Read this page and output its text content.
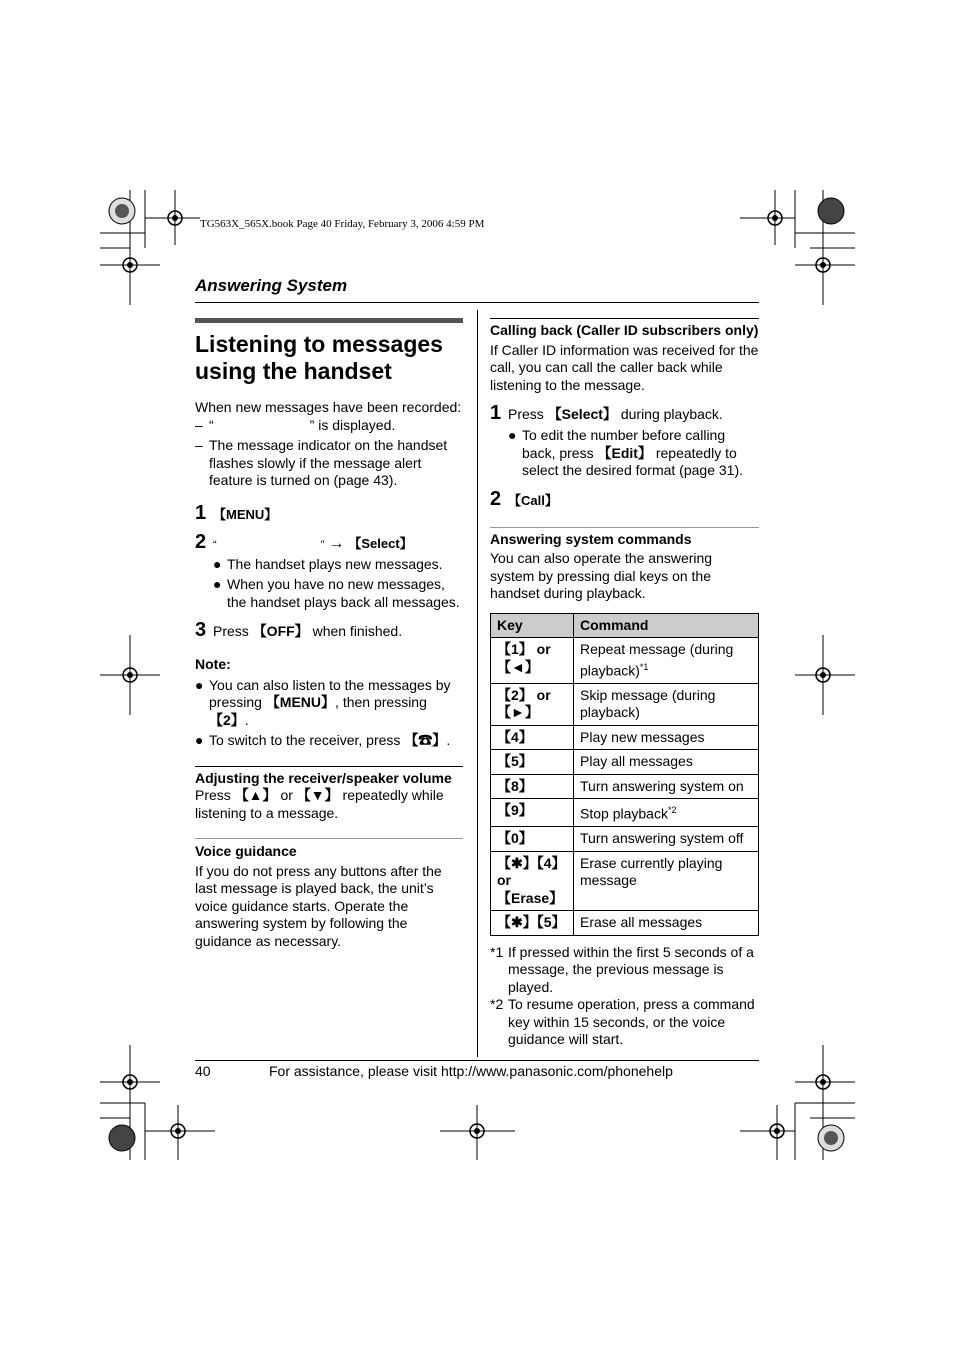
TG563X_565X.book Page 40 Friday, February 3, 2006 4:59 PM
Answering System
Listening to messages using the handset

When new messages have been recorded:

– “	” is displayed.
– The message indicator on the handset flashes slowly if the message alert feature is turned on (page 43).
1 【MENU】
2 “	” → 【Select】
● The handset plays new messages.
● When you have no new messages, the handset plays back all messages.
3 Press
【OFF】
when finished.
Note:
● You can also listen to the messages by pressing 【MENU】, then pressing 【2】.
● To switch to the receiver, press 【☎】.
Adjusting the receiver/speaker volume

Press 【▲】 or 【▼】 repeatedly while listening to a message.

Voice guidance

If you do not press any buttons after the last message is played back, the unit’s voice guidance starts. Operate the answering system by following the guidance as necessary.

Calling back (Caller ID subscribers only)

If Caller ID information was received for the call, you can call the caller back while listening to the message.

1 Press
【Select】
during playback.
● To edit the number before calling back, press 【Edit】 repeatedly to select the desired format (page 31).
2 【Call】
Answering system commands

You can also operate the answering system by pressing dial keys on the handset during playback.

Key	Command
【1】 or 【◄】	Repeat message (during playback)$^{*1}$
【2】 or 【►】	Skip message (during playback)
【4】	Play new messages
【5】	Play all messages
【8】	Turn answering system on
【9】	Stop playback$^{*2}$
【0】	Turn answering system off
【✱】【4】 or 【Erase】	Erase currently playing message
【✱】【5】	Erase all messages
*1 If pressed within the first 5 seconds of a message, the previous message is played.
*2 To resume operation, press a command key within 15 seconds, or the voice guidance will start.
40	For assistance, please visit http://www.panasonic.com/phonehelp
